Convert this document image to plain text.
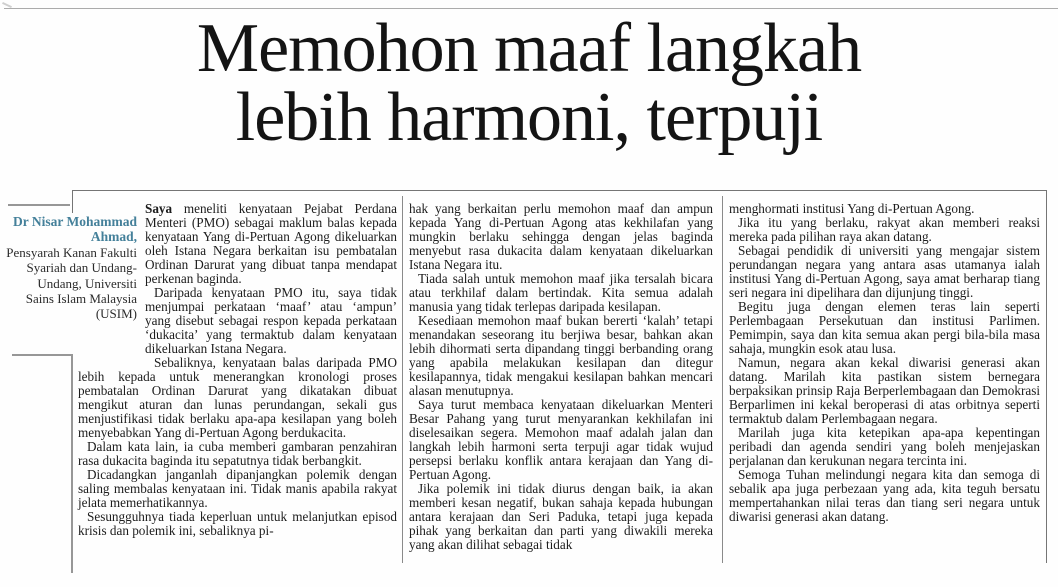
Memohon maaf langkah
lebih harmoni, terpuji
Dr Nisar Mohammad Ahmad,
Pensyarah Kanan Fakulti Syariah dan Undang-Undang, Universiti Sains Islam Malaysia (USIM)

Saya meneliti kenyataan Pejabat Perdana Menteri (PMO) sebagai maklum balas kepada kenyataan Yang di-Pertuan Agong dikeluarkan oleh Istana Negara berkaitan isu pembatalan Ordinan Darurat yang dibuat tanpa mendapat perkenan baginda.

Daripada kenyataan PMO itu, saya tidak menjumpai perkataan ‘maaf’ atau ‘ampun’ yang disebut sebagai respon kepada perkataan ‘dukacita’ yang termaktub dalam kenyataan dikeluarkan Istana Negara.

Sebaliknya, kenyataan balas daripada PMO lebih kepada untuk menerangkan kronologi proses pembatalan Ordinan Darurat yang dikatakan dibuat mengikut aturan dan lunas perundangan, sekali gus menjustifikasi tidak berlaku apa-apa kesilapan yang boleh menyebabkan Yang di-Pertuan Agong berdukacita.

Dalam kata lain, ia cuba memberi gambaran penzahiran rasa dukacita baginda itu sepatutnya tidak berbangkit.

Dicadangkan janganlah dipanjangkan polemik dengan saling membalas kenyataan ini. Tidak manis apabila rakyat jelata memerhatikannya.

Sesungguhnya tiada keperluan untuk melanjutkan episod krisis dan polemik ini, sebaliknya pi-

hak yang berkaitan perlu memohon maaf dan ampun kepada Yang di-Pertuan Agong atas kekhilafan yang mungkin berlaku sehingga dengan jelas baginda menyebut rasa dukacita dalam kenyataan dikeluarkan Istana Negara itu.

Tiada salah untuk memohon maaf jika tersalah bicara atau terkhilaf dalam bertindak. Kita semua adalah manusia yang tidak terlepas daripada kesilapan.

Kesediaan memohon maaf bukan bererti ‘kalah’ tetapi menandakan seseorang itu berjiwa besar, bahkan akan lebih dihormati serta dipandang tinggi berbanding orang yang apabila melakukan kesilapan dan ditegur kesilapannya, tidak mengakui kesilapan bahkan mencari alasan menutupnya.

Saya turut membaca kenyataan dikeluarkan Menteri Besar Pahang yang turut menyarankan kekhilafan ini diselesaikan segera. Memohon maaf adalah jalan dan langkah lebih harmoni serta terpuji agar tidak wujud persepsi berlaku konflik antara kerajaan dan Yang di-Pertuan Agong.

Jika polemik ini tidak diurus dengan baik, ia akan memberi kesan negatif, bukan sahaja kepada hubungan antara kerajaan dan Seri Paduka, tetapi juga kepada pihak yang berkaitan dan parti yang diwakili mereka yang akan dilihat sebagai tidak

menghormati institusi Yang di-Pertuan Agong.

Jika itu yang berlaku, rakyat akan memberi reaksi mereka pada pilihan raya akan datang.

Sebagai pendidik di universiti yang mengajar sistem perundangan negara yang antara asas utamanya ialah institusi Yang di-Pertuan Agong, saya amat berharap tiang seri negara ini dipelihara dan dijunjung tinggi.

Begitu juga dengan elemen teras lain seperti Perlembagaan Persekutuan dan institusi Parlimen. Pemimpin, saya dan kita semua akan pergi bila-bila masa sahaja, mungkin esok atau lusa.

Namun, negara akan kekal diwarisi generasi akan datang. Marilah kita pastikan sistem bernegara berpaksikan prinsip Raja Berperlembagaan dan Demokrasi Berparlimen ini kekal beroperasi di atas orbitnya seperti termaktub dalam Perlembagaan negara.

Marilah juga kita ketepikan apa-apa kepentingan peribadi dan agenda sendiri yang boleh menjejaskan perjalanan dan kerukunan negara tercinta ini.

Semoga Tuhan melindungi negara kita dan semoga di sebalik apa juga perbezaan yang ada, kita teguh bersatu mempertahankan nilai teras dan tiang seri negara untuk diwarisi generasi akan datang.
